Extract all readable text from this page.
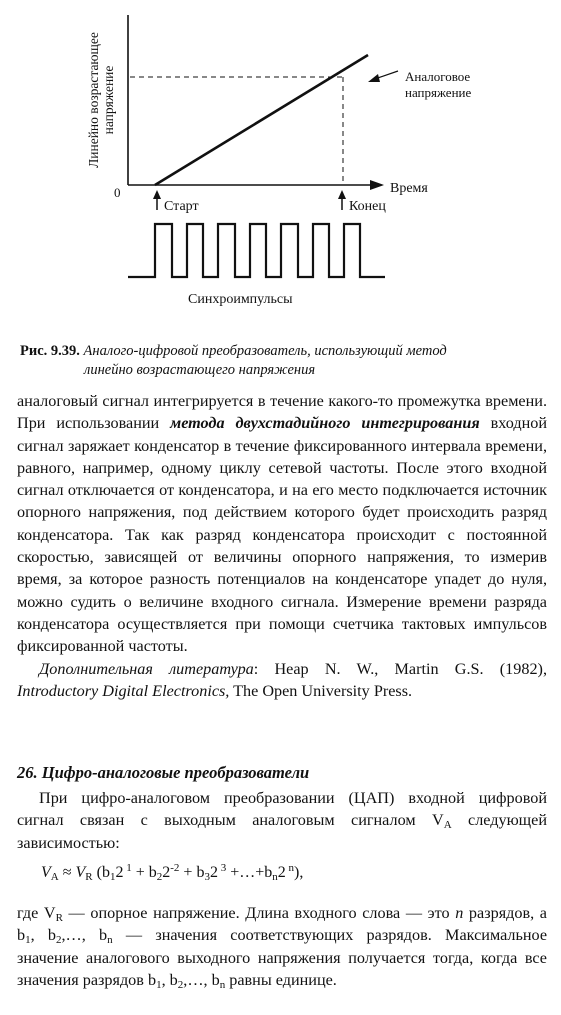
Линейно возрастающее напряжение
0	Время
Аналоговое
напряжение
Старт	Конец
Синхроимпульсы
Рис. 9.39. Аналого-цифровой преобразователь, использующий метод
линейно возрастающего напряжения

аналоговый сигнал интегрируется в течение какого-то промежутка времени. При использовании метода двухстадийного интегрирования входной сигнал заряжает конденсатор в течение фиксированного интервала времени, равного, например, одному циклу сетевой частоты. После этого входной сигнал отключается от конденсатора, и на его место подключается источник опорного напряжения, под действием которого будет происходить разряд конденсатора. Так как разряд конденсатора происходит с постоянной скоростью, зависящей от величины опорного напряжения, то измерив время, за которое разность потенциалов на конденсаторе упадет до нуля, можно судить о величине входного сигнала. Измерение времени разряда конденсатора осуществляется при помощи счетчика тактовых импульсов фиксированной частоты.

Дополнительная литература: Heap N. W., Martin G.S. (1982), Introductory Digital Electronics, The Open University Press.

26. Цифро-аналоговые преобразователи

При цифро-аналоговом преобразовании (ЦАП) входной цифровой сигнал связан с выходным аналоговым сигналом $V_А$ следующей зависимостью:

$V_А \approx V_R$ ($b_12$ $^1 + b_22^{-2} + b_32$ $^3 +\dots+b_n2$ $^n$),

где $V_R$ — опорное напряжение. Длина входного слова — это n разрядов, а $b_1$, $b_2,\dots$, $b_n$ — значения соответствующих разрядов. Максимальное значение аналогового выходного напряжения получается тогда, когда все значения разрядов $b_1$, $b_2,\dots$, $b_n$ равны единице.
